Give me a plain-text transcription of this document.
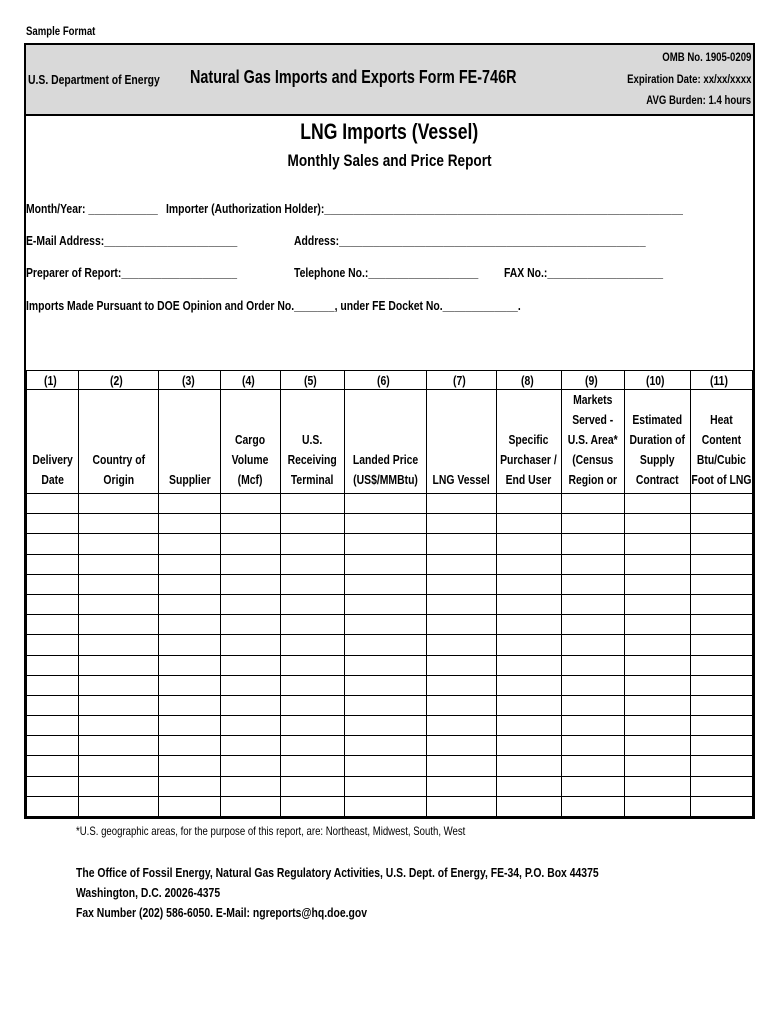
Sample Format
U.S. Department of Energy	Natural Gas Imports and Exports Form FE-746R
OMB No. 1905-0209
Expiration Date: xx/xx/xxxx
AVG Burden: 1.4 hours
LNG Imports (Vessel)
Monthly Sales and Price Report
Month/Year: ____________ Importer (Authorization Holder):______________________________________________________________
E-Mail Address:_______________________	Address:_____________________________________________________
Preparer of Report:____________________	Telephone No.:___________________	FAX No.:____________________
Imports Made Pursuant to DOE Opinion and Order No._______, under FE Docket No._____________.
(1)	(2)	(3)	(4)	(5)	(6)	(7)	(8)	(9)	(10)	(11)

Delivery Date	Country of Origin	Supplier	Cargo Volume (Mcf)	U.S. Receiving Terminal	Landed Price (US$/MMBtu)	LNG Vessel	Specific Purchaser / End User	Markets Served - U.S. Area* (Census Region or	Estimated Duration of Supply Contract	Heat Content Btu/Cubic Foot of LNG

*U.S. geographic areas, for the purpose of this report, are: Northeast, Midwest, South, West
The Office of Fossil Energy, Natural Gas Regulatory Activities, U.S. Dept. of Energy, FE-34, P.O. Box 44375
Washington, D.C. 20026-4375
Fax Number (202) 586-6050. E-Mail: ngreports@hq.doe.gov
